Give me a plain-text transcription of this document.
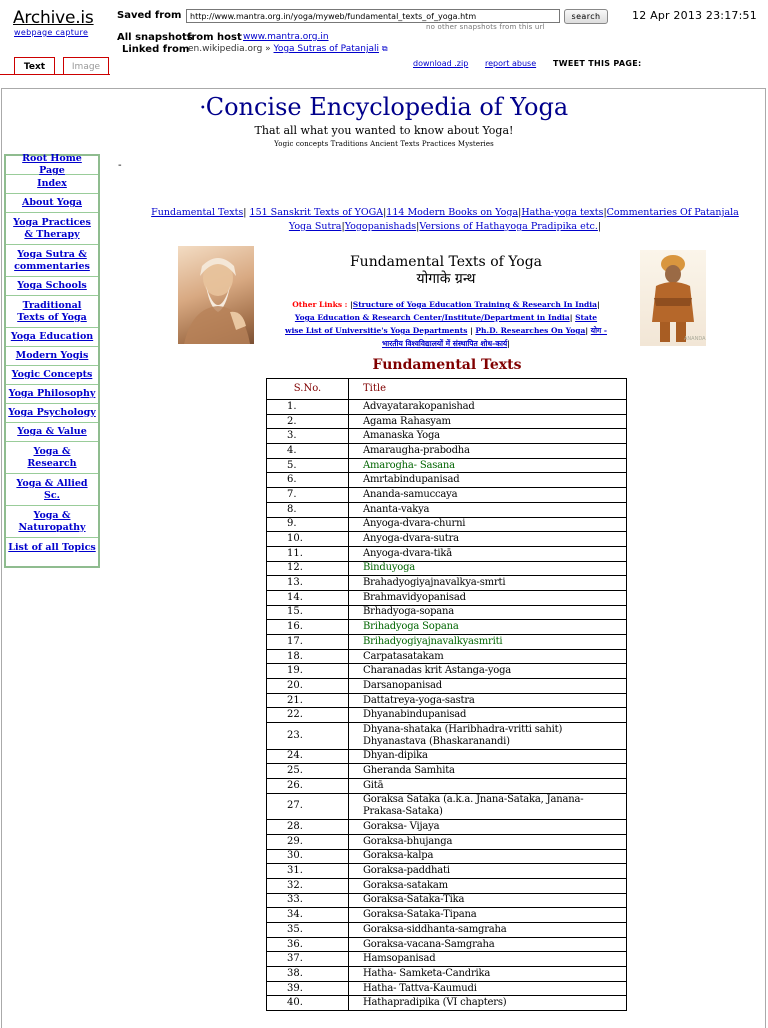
Archive.is
webpage capture
Saved from	http://www.mantra.org.in/yoga/myweb/fundamental_texts_of_yoga.htm	search
no other snapshots from this url
12 Apr 2013 23:17:51
All snapshots
from host www.mantra.org.in
Linked from
en.wikipedia.org » Yoga Sutras of Patanjali ⧉
Text	Image	download .zip report abuse TWEET THIS PAGE:
•Concise Encyclopedia of Yoga
That all what you wanted to know about Yoga!
Yogic concepts Traditions Ancient Texts Practices Mysteries
Root Home Page
Index
About Yoga
Yoga Practices & Therapy
Yoga Sutra & commentaries
Yoga Schools
Traditional Texts of Yoga
Yoga Education
Modern Yogis
Yogic Concepts
Yoga Philosophy
Yoga Psychology
Yoga & Value
Yoga & Research
Yoga & Allied Sc.
Yoga & Naturopathy
List of all Topics
-
Fundamental Texts| 151 Sanskrit Texts of YOGA|114 Modern Books on Yoga|Hatha-yoga texts|Commentaries Of Patanjala Yoga Sutra|Yogopanishads|Versions of Hathayoga Pradipika etc.|
ANANDA
Fundamental Texts of Yoga
योगाके ग्रन्थ
Other Links : |Structure of Yoga Education Training & Research In India| Yoga Education & Research Center/Institute/Department in India| State wise List of Universitie's Yoga Departments | Ph.D. Researches On Yoga| योग - भारतीय विश्वविद्यालयों में संस्थापित शोध-कार्य|
Fundamental Texts
S.No.	Title
1.	Advayatarakopanishad
2.	Agama Rahasyam
3.	Amanaska Yoga
4.	Amaraugha-prabodha
5.	Amarogha- Sasana
6.	Amrtabindupanisad
7.	Ananda-samuccaya
8.	Ananta-vakya
9.	Anyoga-dvara-churni
10.	Anyoga-dvara-sutra
11.	Anyoga-dvara-tikā
12.	Binduyoga
13.	Brahadyogiyajnavalkya-smrti
14.	Brahmavidyopanisad
15.	Brhadyoga-sopana
16.	Brihadyoga Sopana
17.	Brihadyogiyajnavalkyasmriti
18.	Carpatasatakam
19.	Charanadas krit Astanga-yoga
20.	Darsanopanisad
21.	Dattatreya-yoga-sastra
22.	Dhyanabindupanisad
23.	Dhyana-shataka (Haribhadra-vritti sahit) Dhyanastava (Bhaskaranandi)
24.	Dhyan-dipika
25.	Gheranda Samhita
26.	Gitā
27.	Goraksa Sataka (a.k.a. Jnana-Sataka, Janana-Prakasa-Sataka)
28.	Goraksa- Vijaya
29.	Goraksa-bhujanga
30.	Goraksa-kalpa
31.	Goraksa-paddhati
32.	Goraksa-satakam
33.	Goraksa-Sataka-Tika
34.	Goraksa-Sataka-Tipana
35.	Goraksa-siddhanta-samgraha
36.	Goraksa-vacana-Samgraha
37.	Hamsopanisad
38.	Hatha- Samketa-Candrika
39.	Hatha- Tattva-Kaumudi
40.	Hathapradipika (VI chapters)
